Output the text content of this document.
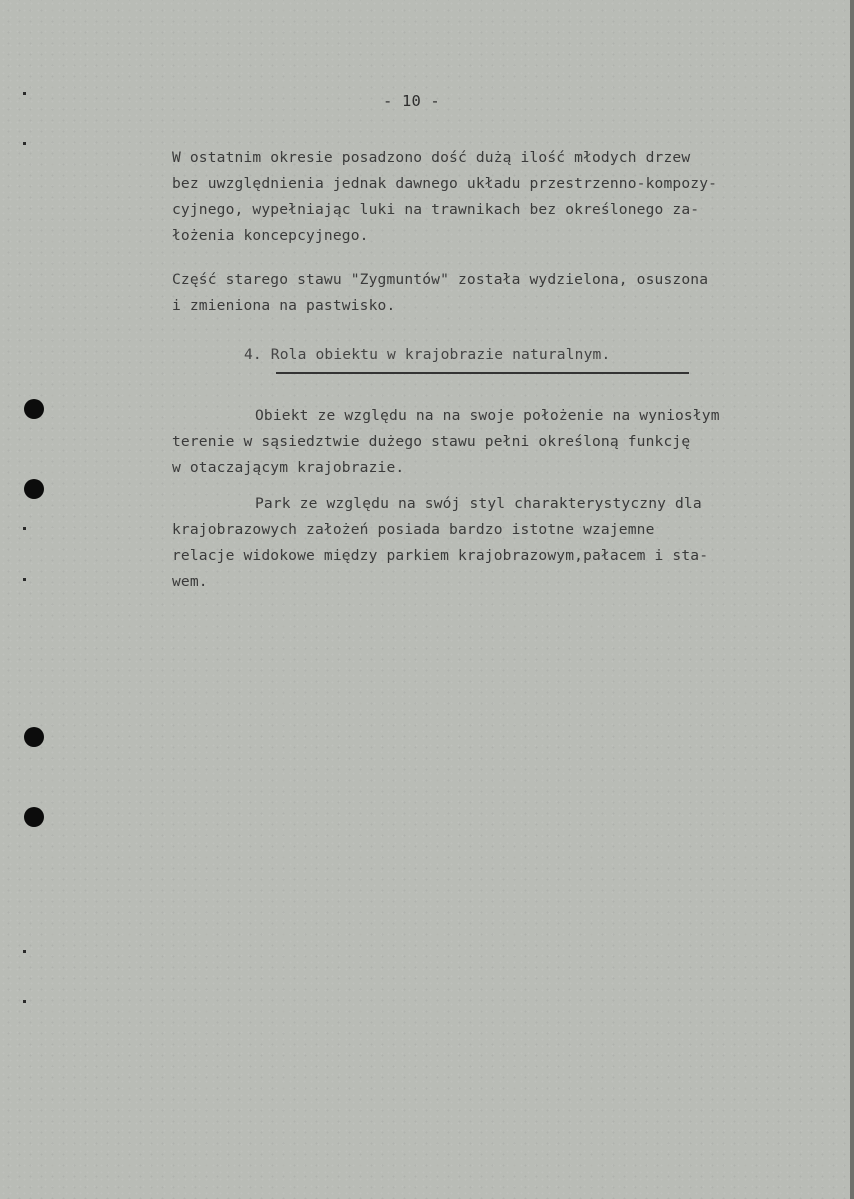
- 10 -
W ostatnim okresie posadzono dość dużą ilość młodych drzew
bez uwzględnienia jednak dawnego układu przestrzenno-kompozy-
cyjnego, wypełniając luki na trawnikach bez określonego za-
łożenia koncepcyjnego.
Część starego stawu "Zygmuntów" została wydzielona, osuszona
i zmieniona na pastwisko.
4. Rola obiektu w krajobrazie naturalnym.
Obiekt ze względu na na swoje położenie na wyniosłym
terenie w sąsiedztwie dużego stawu pełni określoną funkcję
w otaczającym krajobrazie.
Park ze względu na swój styl charakterystyczny dla
krajobrazowych założeń posiada bardzo istotne wzajemne
relacje widokowe między parkiem krajobrazowym,pałacem i sta-
wem.
